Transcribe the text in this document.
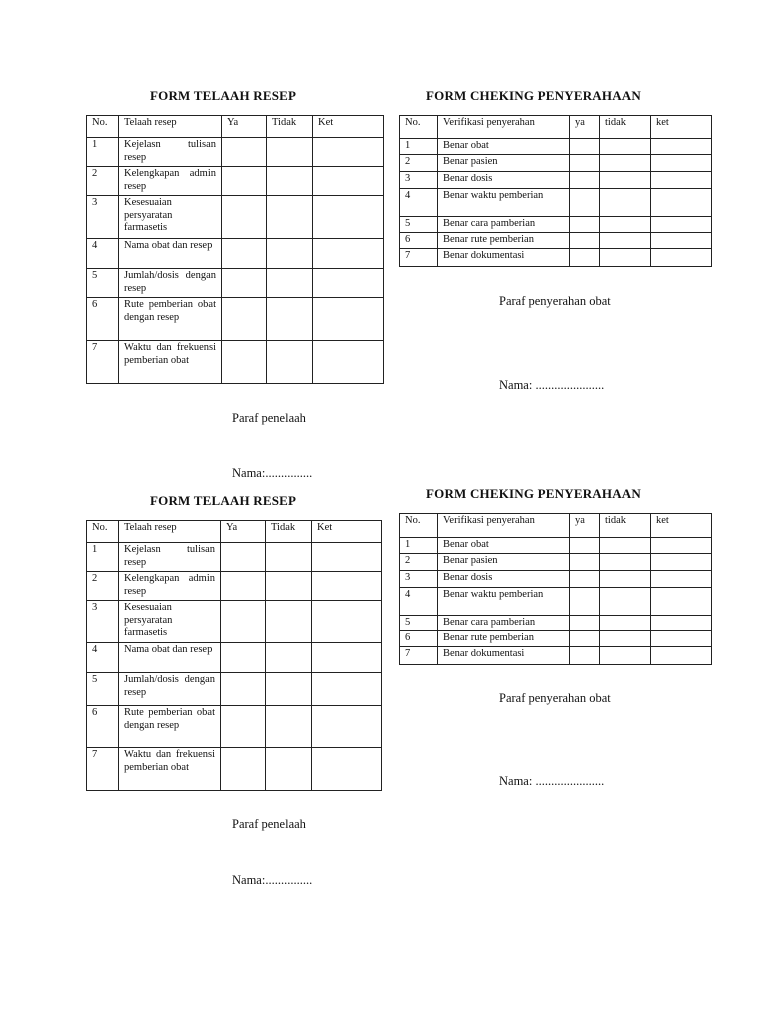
FORM TELAAH RESEP	FORM CHEKING PENYERAHAAN
No.	Telaah resep	Ya	Tidak	Ket
1	Kejelasn tulisan resep			
2	Kelengkapan admin resep			
3	Kesesuaian persyaratan farmasetis			
4	Nama obat dan resep			
5	Jumlah/dosis dengan resep			
6	Rute pemberian obat dengan resep			
7	Waktu dan frekuensi pemberian obat			
No.	Verifikasi penyerahan	ya	tidak	ket
1	Benar obat			
2	Benar pasien			
3	Benar dosis			
4	Benar waktu pemberian			
5	Benar cara pamberian			
6	Benar rute pemberian			
7	Benar dokumentasi			
Paraf penyerahan obat
Nama: ......................
Paraf penelaah
Nama:...............
FORM TELAAH RESEP	FORM CHEKING PENYERAHAAN
No.	Telaah resep	Ya	Tidak	Ket
1	Kejelasn tulisan resep			
2	Kelengkapan admin resep			
3	Kesesuaian persyaratan farmasetis			
4	Nama obat dan resep			
5	Jumlah/dosis dengan resep			
6	Rute pemberian obat dengan resep			
7	Waktu dan frekuensi pemberian obat			
No.	Verifikasi penyerahan	ya	tidak	ket
1	Benar obat			
2	Benar pasien			
3	Benar dosis			
4	Benar waktu pemberian			
5	Benar cara pamberian			
6	Benar rute pemberian			
7	Benar dokumentasi			
Paraf penyerahan obat
Nama: ......................
Paraf penelaah
Nama:...............
